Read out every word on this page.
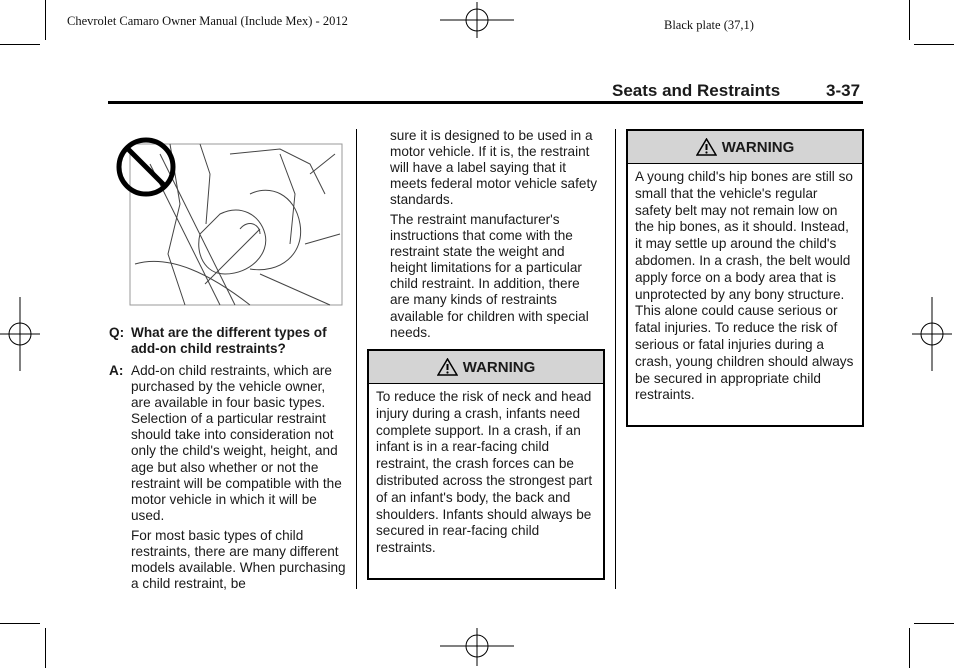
Chevrolet Camaro Owner Manual (Include Mex) - 2012	Black plate (37,1)
Seats and Restraints	3-37
Q: What are the different types of add-on child restraints?
A: Add-on child restraints, which are purchased by the vehicle owner, are available in four basic types. Selection of a particular restraint should take into consideration not only the child's weight, height, and age but also whether or not the restraint will be compatible with the motor vehicle in which it will be used.
For most basic types of child restraints, there are many different models available. When purchasing a child restraint, be
sure it is designed to be used in a motor vehicle. If it is, the restraint will have a label saying that it meets federal motor vehicle safety standards.
The restraint manufacturer's instructions that come with the restraint state the weight and height limitations for a particular child restraint. In addition, there are many kinds of restraints available for children with special needs.
WARNING
To reduce the risk of neck and head injury during a crash, infants need complete support. In a crash, if an infant is in a rear-facing child restraint, the crash forces can be distributed across the strongest part of an infant's body, the back and shoulders. Infants should always be secured in rear-facing child restraints.
WARNING
A young child's hip bones are still so small that the vehicle's regular safety belt may not remain low on the hip bones, as it should. Instead, it may settle up around the child's abdomen. In a crash, the belt would apply force on a body area that is unprotected by any bony structure. This alone could cause serious or fatal injuries. To reduce the risk of serious or fatal injuries during a crash, young children should always be secured in appropriate child restraints.
